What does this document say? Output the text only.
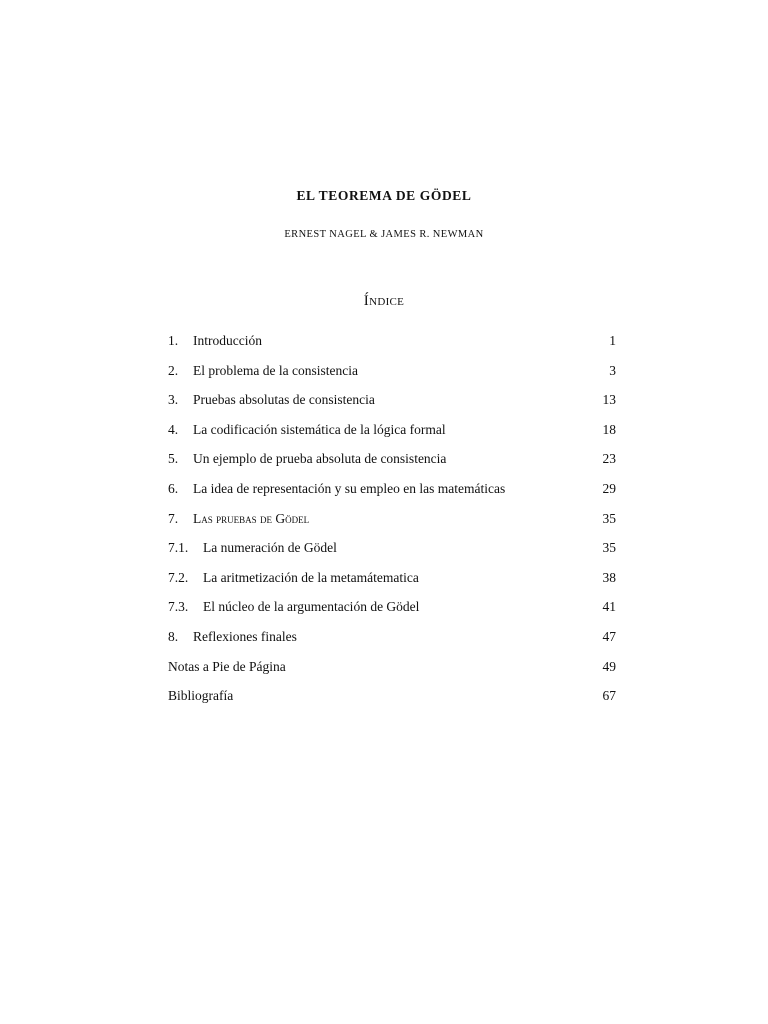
EL TEOREMA DE GÖDEL
ERNEST NAGEL & JAMES R. NEWMAN
Índice
1.	Introducción	1
2.	El problema de la consistencia	3
3.	Pruebas absolutas de consistencia	13
4.	La codificación sistemática de la lógica formal	18
5.	Un ejemplo de prueba absoluta de consistencia	23
6.	La idea de representación y su empleo en las matemáticas	29
7.	Las pruebas de Gödel	35
7.1.	La numeración de Gödel	35
7.2.	La aritmetización de la metamátematica	38
7.3.	El núcleo de la argumentación de Gödel	41
8.	Reflexiones finales	47
Notas a Pie de Página	49
Bibliografía	67
